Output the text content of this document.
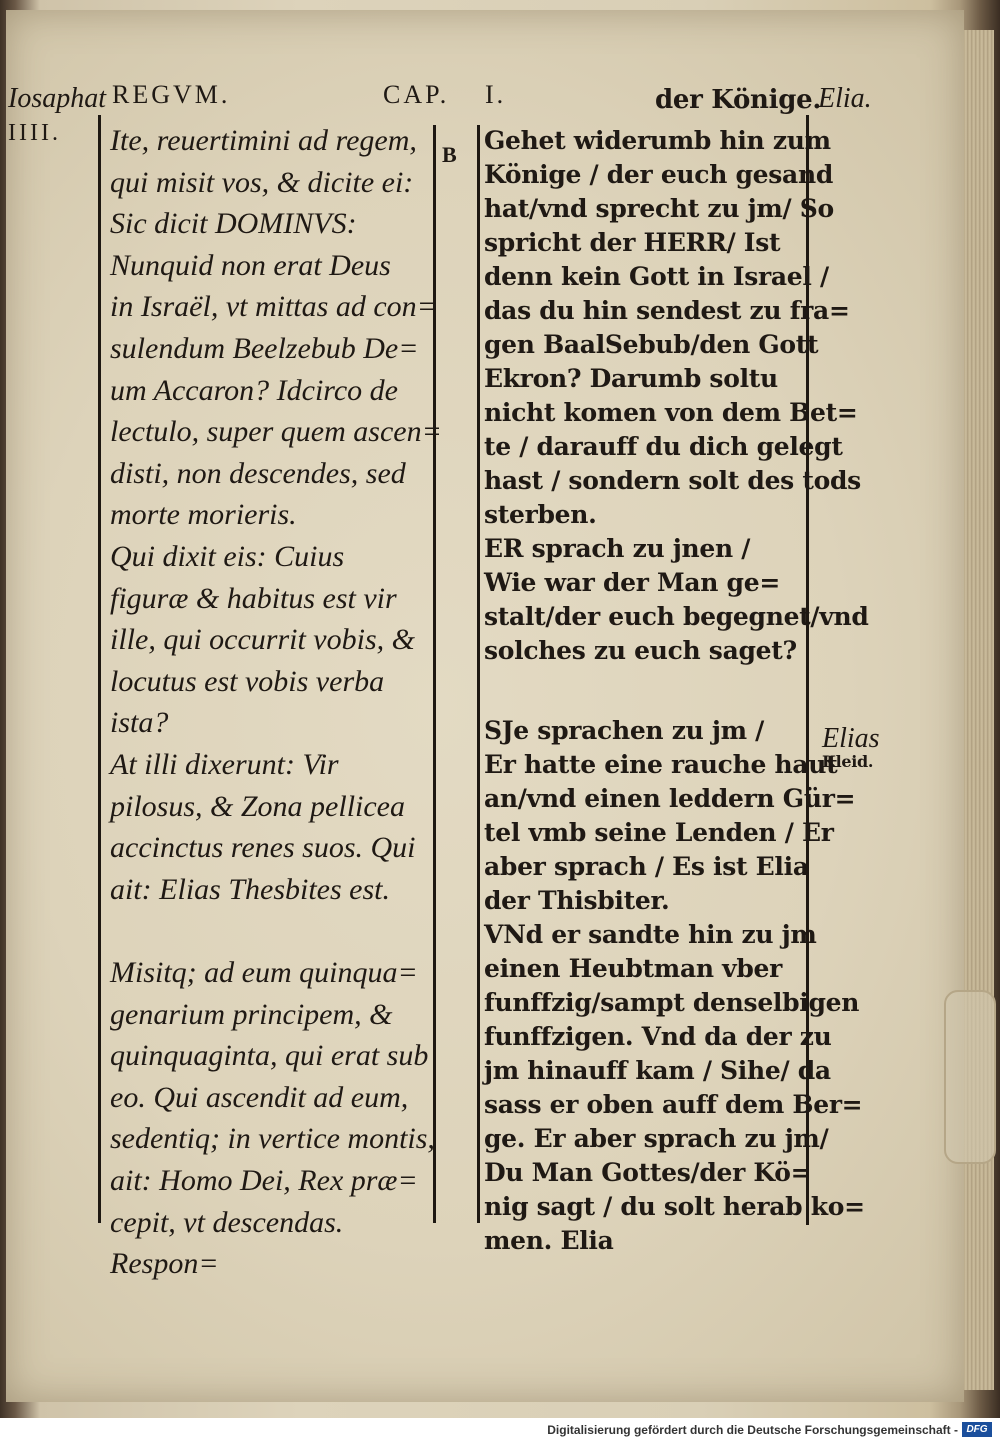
Iosaphat REGVM.	CAP. I.	der Könige.
Elia.
IIII.
B
Ite, reuertimini ad regem,
qui misit vos, & dicite ei:
Sic dicit DOMINVS:
Nunquid non erat Deus
in Israël, vt mittas ad con=
sulendum Beelzebub De=
um Accaron? Idcirco de
lectulo, super quem ascen=
disti, non descendes, sed
morte morieris.
Qui dixit eis: Cuius
figuræ & habitus est vir
ille, qui occurrit vobis, &
locutus est vobis verba
ista?
At illi dixerunt: Vir
pilosus, & Zona pellicea
accinctus renes suos. Qui
ait: Elias Thesbites est.
Misitq; ad eum quinqua=
genarium principem, &
quinquaginta, qui erat sub
eo. Qui ascendit ad eum,
sedentiq; in vertice montis,
ait: Homo Dei, Rex præ=
cepit, vt descendas.
Respon=
Gehet widerumb hin zum
Könige / der euch gesand
hat/vnd sprecht zu jm/ So
spricht der HERR/ Ist
denn kein Gott in Israel /
das du hin sendest zu fra=
gen BaalSebub/den Gott
Ekron? Darumb soltu
nicht komen von dem Bet=
te / darauff du dich gelegt
hast / sondern solt des tods
sterben.
ER sprach zu jnen /
Wie war der Man ge=
stalt/der euch begegnet/vnd
solches zu euch saget?
SJe sprachen zu jm /
Er hatte eine rauche haut
an/vnd einen leddern Gür=
tel vmb seine Lenden / Er
aber sprach / Es ist Elia
der Thisbiter.
VNd er sandte hin zu jm
einen Heubtman vber
funffzig/sampt denselbigen
funffzigen. Vnd da der zu
jm hinauff kam / Sihe/ da
sass er oben auff dem Ber=
ge. Er aber sprach zu jm/
Du Man Gottes/der Kö=
nig sagt / du solt herab ko=
men. Elia
Elias
Kleid.
Digitalisierung gefördert durch die Deutsche Forschungsgemeinschaft - DFG
